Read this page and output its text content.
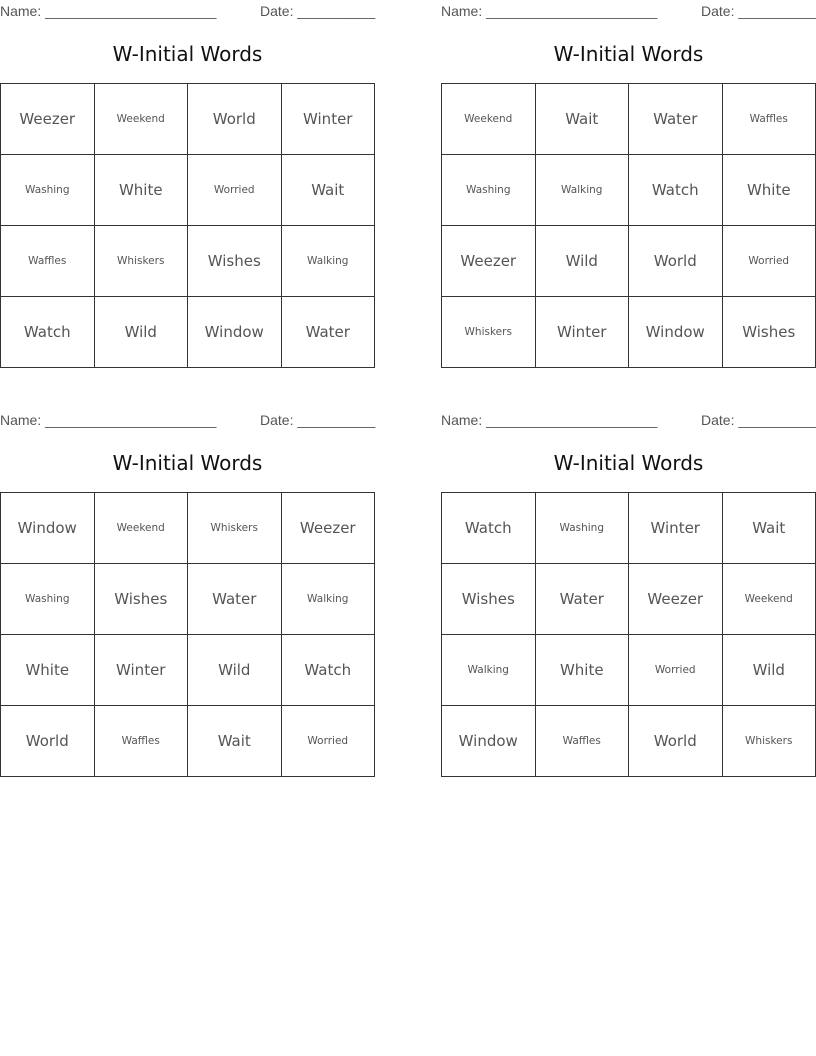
Name: ______________________	Date: __________
W-Initial Words
Weezer	Weekend	World	Winter
Washing	White	Worried	Wait
Waffles	Whiskers	Wishes	Walking
Watch	Wild	Window	Water
Name: ______________________	Date: __________
W-Initial Words
Weekend	Wait	Water	Waffles
Washing	Walking	Watch	White
Weezer	Wild	World	Worried
Whiskers	Winter	Window	Wishes
Name: ______________________	Date: __________
W-Initial Words
Window	Weekend	Whiskers	Weezer
Washing	Wishes	Water	Walking
White	Winter	Wild	Watch
World	Waffles	Wait	Worried
Name: ______________________	Date: __________
W-Initial Words
Watch	Washing	Winter	Wait
Wishes	Water	Weezer	Weekend
Walking	White	Worried	Wild
Window	Waffles	World	Whiskers
